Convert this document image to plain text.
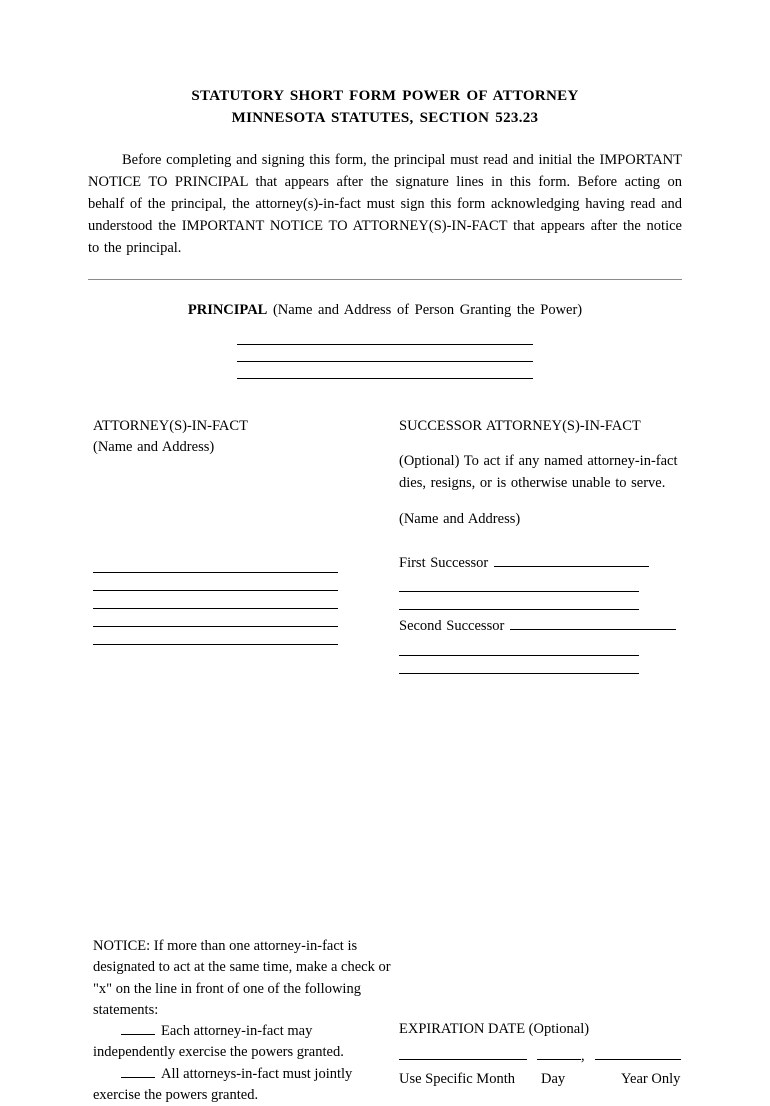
STATUTORY SHORT FORM POWER OF ATTORNEY
MINNESOTA STATUTES, SECTION 523.23

Before completing and signing this form, the principal must read and initial the IMPORTANT NOTICE TO PRINCIPAL that appears after the signature lines in this form. Before acting on behalf of the principal, the attorney(s)-in-fact must sign this form acknowledging having read and understood the IMPORTANT NOTICE TO ATTORNEY(S)-IN-FACT that appears after the notice to the principal.

PRINCIPAL (Name and Address of Person Granting the Power)
ATTORNEY(S)-IN-FACT
(Name and Address)
SUCCESSOR ATTORNEY(S)-IN-FACT
(Optional) To act if any named attorney-in-fact dies, resigns, or is otherwise unable to serve.
(Name and Address)
First Successor
Second Successor
NOTICE: If more than one attorney-in-fact is designated to act at the same time, make a check or "x" on the line in front of one of the following statements:
Each attorney-in-fact may independently exercise the powers granted.
All attorneys-in-fact must jointly exercise the powers granted.
EXPIRATION DATE (Optional)
,
Use Specific Month Day	Year Only
